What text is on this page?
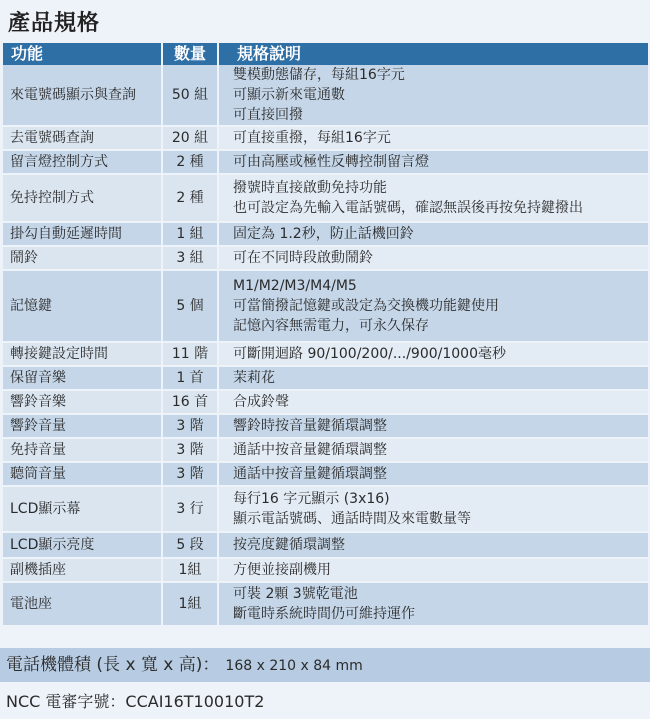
產品規格
功能	數量	規格說明
來電號碼顯示與查詢	50 組	雙模動態儲存，每組16字元
可顯示新來電通數
可直接回撥

去電號碼查詢	20 組	可直接重撥，每組16字元

留言燈控制方式	2 種	可由高壓或極性反轉控制留言燈

免持控制方式	2 種	撥號時直接啟動免持功能
也可設定為先輸入電話號碼，確認無誤後再按免持鍵撥出

掛勾自動延遲時間	1 組	固定為 1.2秒，防止話機回鈴

鬧鈴	3 組	可在不同時段啟動鬧鈴

記憶鍵	5 個	M1/M2/M3/M4/M5
可當簡撥記憶鍵或設定為交換機功能鍵使用
記憶內容無需電力，可永久保存

轉接鍵設定時間	11 階	可斷開迴路 90/100/200/.../900/1000毫秒

保留音樂	1 首	茉莉花

響鈴音樂	16 首	合成鈴聲

響鈴音量	3 階	響鈴時按音量鍵循環調整

免持音量	3 階	通話中按音量鍵循環調整

聽筒音量	3 階	通話中按音量鍵循環調整

LCD顯示幕	3 行	每行16 字元顯示 (3x16)
顯示電話號碼、通話時間及來電數量等

LCD顯示亮度	5 段	按亮度鍵循環調整

副機插座	1組	方便並接副機用

電池座	1組	可裝 2顆 3號乾電池
斷電時系統時間仍可維持運作
電話機體積 (長 x 寬 x 高)： 168 x 210 x 84 mm
NCC 電審字號：CCAI16T10010T2
